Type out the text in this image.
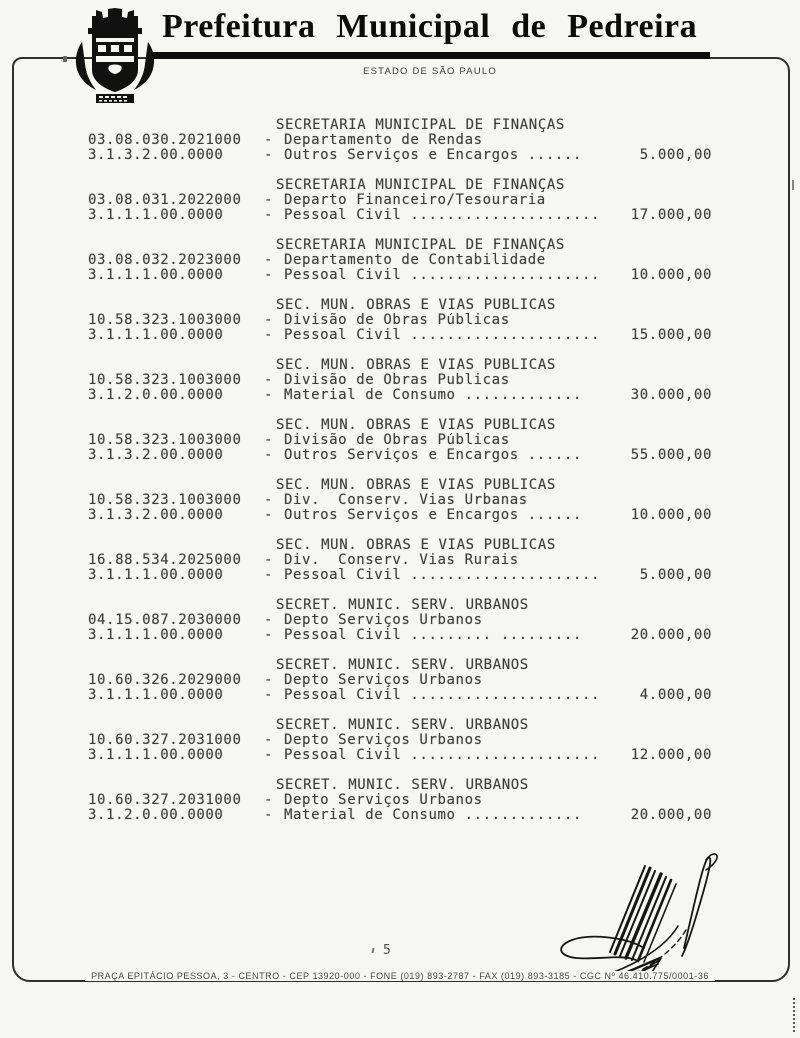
Prefeitura Municipal de Pedreira
ESTADO DE SÃO PAULO
SECRETARIA MUNICIPAL DE FINANÇAS
03.08.030.2021000	- Departamento de Rendas
3.1.3.2.00.0000	- Outros Serviços e Encargos ......	5.000,00
SECRETARIA MUNICIPAL DE FINANÇAS
03.08.031.2022000	- Departo Financeiro/Tesouraria
3.1.1.1.00.0000	- Pessoal Civil .....................	17.000,00
SECRETARIA MUNICIPAL DE FINANÇAS
03.08.032.2023000	- Departamento de Contabilidade
3.1.1.1.00.0000	- Pessoal Civil .....................	10.000,00
SEC. MUN. OBRAS E VIAS PUBLICAS
10.58.323.1003000	- Divisão de Obras Públicas
3.1.1.1.00.0000	- Pessoal Civil .....................	15.000,00
SEC. MUN. OBRAS E VIAS PUBLICAS
10.58.323.1003000	- Divisão de Obras Publicas
3.1.2.0.00.0000	- Material de Consumo .............	30.000,00
SEC. MUN. OBRAS E VIAS PUBLICAS
10.58.323.1003000	- Divisão de Obras Públicas
3.1.3.2.00.0000	- Outros Serviços e Encargos ......	55.000,00
SEC. MUN. OBRAS E VIAS PUBLICAS
10.58.323.1003000	- Div.  Conserv. Vias Urbanas
3.1.3.2.00.0000	- Outros Serviços e Encargos ......	10.000,00
SEC. MUN. OBRAS E VIAS PUBLICAS
16.88.534.2025000	- Div.  Conserv. Vias Rurais
3.1.1.1.00.0000	- Pessoal Civil .....................	5.000,00
SECRET. MUNIC. SERV. URBANOS
04.15.087.2030000	- Depto Serviços Urbanos
3.1.1.1.00.0000	- Pessoal Civil ......... .........	20.000,00
SECRET. MUNIC. SERV. URBANOS
10.60.326.2029000	- Depto Serviços Urbanos
3.1.1.1.00.0000	- Pessoal Civil .....................	4.000,00
SECRET. MUNIC. SERV. URBANOS
10.60.327.2031000	- Depto Serviços Urbanos
3.1.1.1.00.0000	- Pessoal Civil .....................	12.000,00
SECRET. MUNIC. SERV. URBANOS
10.60.327.2031000	- Depto Serviços Urbanos
3.1.2.0.00.0000	- Material de Consumo .............	20.000,00
5
PRAÇA EPITÁCIO PESSOA, 3 - CENTRO - CEP 13920-000 - FONE (019) 893-2787 - FAX (019) 893-3185 - CGC Nº 46.410.775/0001-36
